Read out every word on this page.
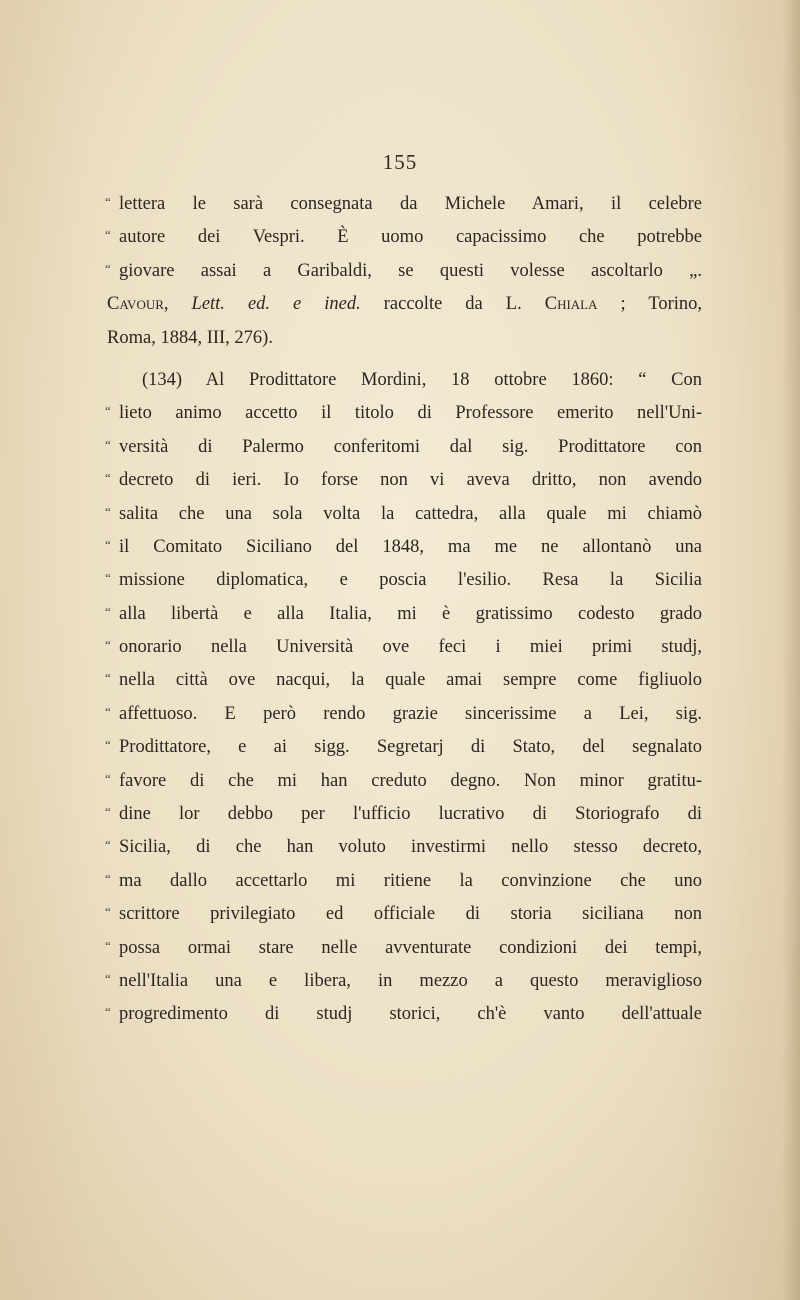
155
“ lettera le sarà consegnata da Michele Amari, il celebre
“ autore dei Vespri. È uomo capacissimo che potrebbe
“ giovare assai a Garibaldi, se questi volesse ascoltarlo „.
Cavour, Lett. ed. e ined. raccolte da L. Chiala ; Torino,
Roma, 1884, III, 276).
(134) Al Prodittatore Mordini, 18 ottobre 1860: “ Con
“ lieto animo accetto il titolo di Professore emerito nell'Uni-
“ versità di Palermo conferitomi dal sig. Prodittatore con
“ decreto di ieri. Io forse non vi aveva dritto, non avendo
“ salita che una sola volta la cattedra, alla quale mi chiamò
“ il Comitato Siciliano del 1848, ma me ne allontanò una
“ missione diplomatica, e poscia l'esilio. Resa la Sicilia
“ alla libertà e alla Italia, mi è gratissimo codesto grado
“ onorario nella Università ove feci i miei primi studj,
“ nella città ove nacqui, la quale amai sempre come figliuolo
“ affettuoso. E però rendo grazie sincerissime a Lei, sig.
“ Prodittatore, e ai sigg. Segretarj di Stato, del segnalato
“ favore di che mi han creduto degno. Non minor gratitu-
“ dine lor debbo per l'ufficio lucrativo di Storiografo di
“ Sicilia, di che han voluto investirmi nello stesso decreto,
“ ma dallo accettarlo mi ritiene la convinzione che uno
“ scrittore privilegiato ed officiale di storia siciliana non
“ possa ormai stare nelle avventurate condizioni dei tempi,
“ nell'Italia una e libera, in mezzo a questo meraviglioso
“ progredimento di studj storici, ch'è vanto dell'attuale
